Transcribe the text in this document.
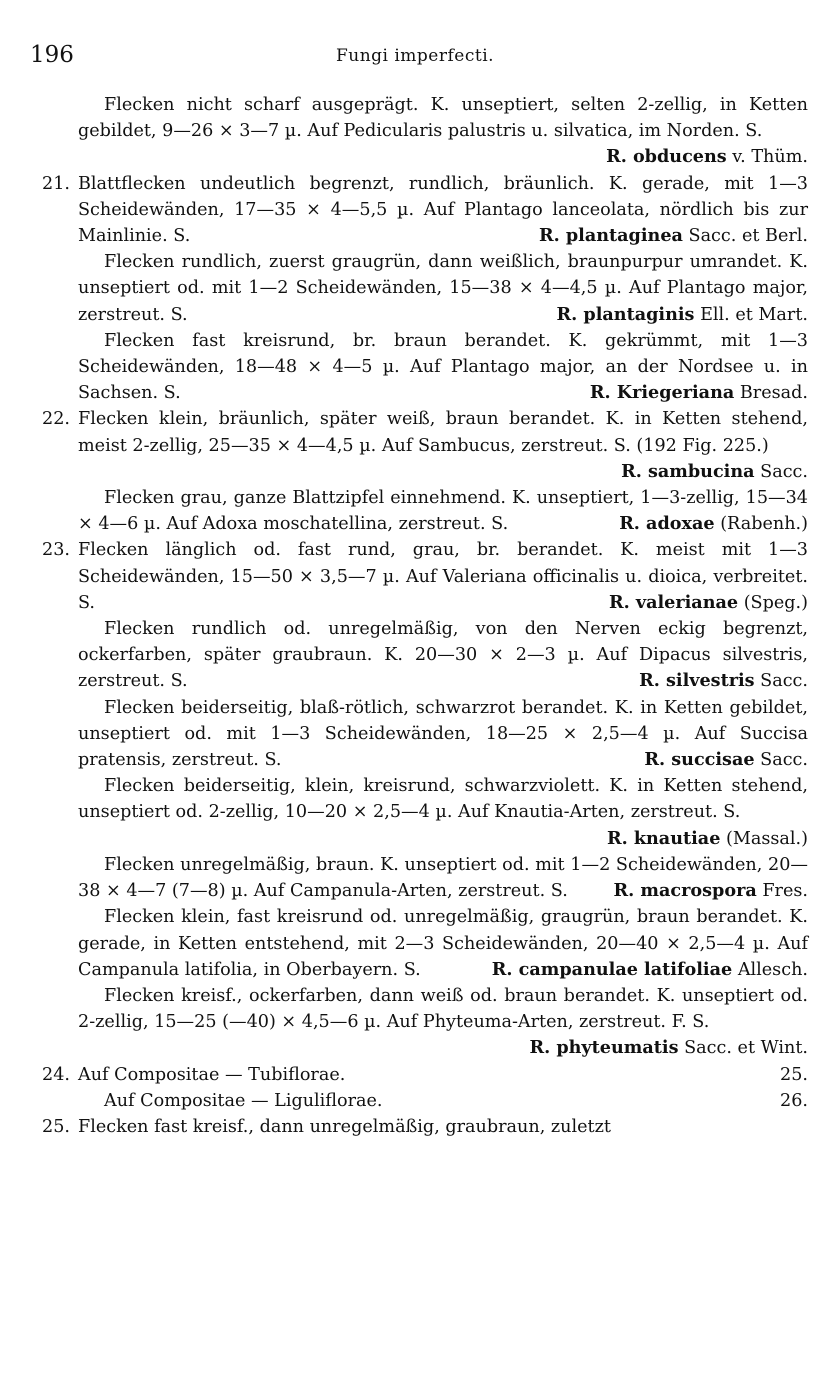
196	Fungi imperfecti.

Flecken nicht scharf ausgeprägt. K. unseptiert, selten 2-zellig, in Ketten gebildet, 9—26 × 3—7 µ. Auf Pedicularis palustris u. silvatica, im Norden. S.
R. obducens v. Thüm.

21. Blattflecken undeutlich begrenzt, rundlich, bräunlich. K. gerade, mit 1—3 Scheidewänden, 17—35 × 4—5,5 µ. Auf Plantago lanceolata, nördlich bis zur Mainlinie. S.	R. plantaginea Sacc. et Berl.

Flecken rundlich, zuerst graugrün, dann weißlich, braunpurpur umrandet. K. unseptiert od. mit 1—2 Scheidewänden, 15—38 × 4—4,5 µ. Auf Plantago major, zerstreut. S.	R. plantaginis Ell. et Mart.

Flecken fast kreisrund, br. braun berandet. K. gekrümmt, mit 1—3 Scheidewänden, 18—48 × 4—5 µ. Auf Plantago major, an der Nordsee u. in Sachsen. S.	R. Kriegeriana Bresad.

22. Flecken klein, bräunlich, später weiß, braun berandet. K. in Ketten stehend, meist 2-zellig, 25—35 × 4—4,5 µ. Auf Sambucus, zerstreut. S. (192 Fig. 225.)
R. sambucina Sacc.

Flecken grau, ganze Blattzipfel einnehmend. K. unseptiert, 1—3-zellig, 15—34 × 4—6 µ. Auf Adoxa moschatellina, zerstreut. S.	R. adoxae (Rabenh.)

23. Flecken länglich od. fast rund, grau, br. berandet. K. meist mit 1—3 Scheidewänden, 15—50 × 3,5—7 µ. Auf Valeriana officinalis u. dioica, verbreitet. S.	R. valerianae (Speg.)

Flecken rundlich od. unregelmäßig, von den Nerven eckig begrenzt, ockerfarben, später graubraun. K. 20—30 × 2—3 µ. Auf Dipacus silvestris, zerstreut. S.	R. silvestris Sacc.

Flecken beiderseitig, blaß-rötlich, schwarzrot berandet. K. in Ketten gebildet, unseptiert od. mit 1—3 Scheidewänden, 18—25 × 2,5—4 µ. Auf Succisa pratensis, zerstreut. S.	R. succisae Sacc.

Flecken beiderseitig, klein, kreisrund, schwarzviolett. K. in Ketten stehend, unseptiert od. 2-zellig, 10—20 × 2,5—4 µ. Auf Knautia-Arten, zerstreut. S.
R. knautiae (Massal.)

Flecken unregelmäßig, braun. K. unseptiert od. mit 1—2 Scheidewänden, 20—38 × 4—7 (7—8) µ. Auf Campanula-Arten, zerstreut. S.	R. macrospora Fres.

Flecken klein, fast kreisrund od. unregelmäßig, graugrün, braun berandet. K. gerade, in Ketten entstehend, mit 2—3 Scheidewänden, 20—40 × 2,5—4 µ. Auf Campanula latifolia, in Oberbayern. S.	R. campanulae latifoliae Allesch.

Flecken kreisf., ockerfarben, dann weiß od. braun berandet. K. unseptiert od. 2-zellig, 15—25 (—40) × 4,5—6 µ. Auf Phyteuma-Arten, zerstreut. F. S.
R. phyteumatis Sacc. et Wint.

24. Auf Compositae — Tubiflorae.	25.
Auf Compositae — Liguliflorae.	26.

25. Flecken fast kreisf., dann unregelmäßig, graubraun, zuletzt
